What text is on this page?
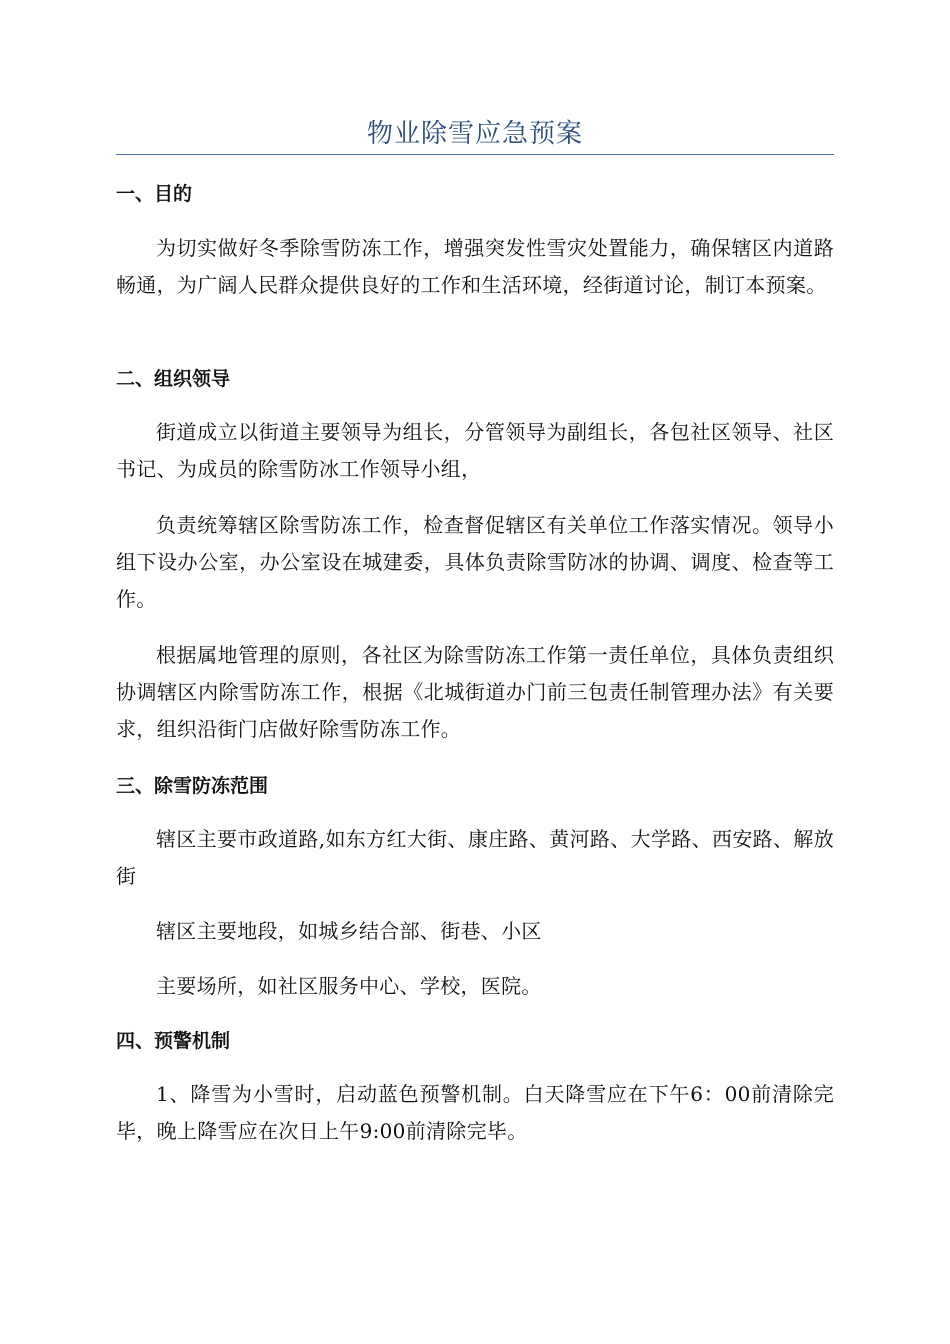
物业除雪应急预案
一、目的
为切实做好冬季除雪防冻工作，增强突发性雪灾处置能力，确保辖区内道路畅通，为广阔人民群众提供良好的工作和生活环境，经街道讨论，制订本预案。
二、组织领导
街道成立以街道主要领导为组长，分管领导为副组长，各包社区领导、社区书记、为成员的除雪防冰工作领导小组，
负责统筹辖区除雪防冻工作，检查督促辖区有关单位工作落实情况。领导小组下设办公室，办公室设在城建委，具体负责除雪防冰的协调、调度、检查等工作。
根据属地管理的原则，各社区为除雪防冻工作第一责任单位，具体负责组织协调辖区内除雪防冻工作，根据《北城街道办门前三包责任制管理办法》有关要求，组织沿街门店做好除雪防冻工作。
三、除雪防冻范围
辖区主要市政道路,如东方红大街、康庄路、黄河路、大学路、西安路、解放街
辖区主要地段，如城乡结合部、街巷、小区
主要场所，如社区服务中心、学校，医院。
四、预警机制
1、降雪为小雪时，启动蓝色预警机制。白天降雪应在下午6：00前清除完毕，晚上降雪应在次日上午9:00前清除完毕。
